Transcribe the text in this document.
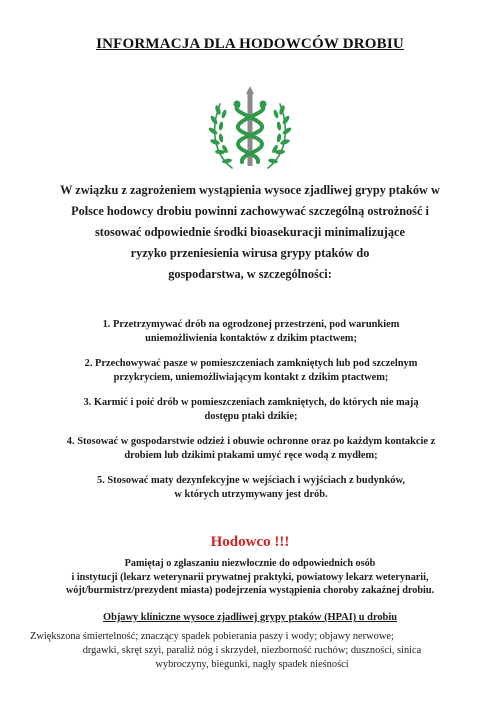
INFORMACJA DLA HODOWCÓW DROBIU
W związku z zagrożeniem wystąpienia wysoce zjadliwej grypy ptaków w
Polsce hodowcy drobiu powinni zachowywać szczególną ostrożność i
stosować odpowiednie środki bioasekuracji minimalizujące
ryzyko przeniesienia wirusa grypy ptaków do
gospodarstwa, w szczególności:
1. Przetrzymywać drób na ogrodzonej przestrzeni, pod warunkiem
uniemożliwienia kontaktów z dzikim ptactwem;
2. Przechowywać pasze w pomieszczeniach zamkniętych lub pod szczelnym
przykryciem, uniemożliwiającym kontakt z dzikim ptactwem;
3. Karmić i poić drób w pomieszczeniach zamkniętych, do których nie mają
dostępu ptaki dzikie;
4. Stosować w gospodarstwie odzież i obuwie ochronne oraz po każdym kontakcie z
drobiem lub dzikimi ptakami umyć ręce wodą z mydłem;
5. Stosować maty dezynfekcyjne w wejściach i wyjściach z budynków,
w których utrzymywany jest drób.
Hodowco !!!
Pamiętaj o zgłaszaniu niezwłocznie do odpowiednich osób
i instytucji (lekarz weterynarii prywatnej praktyki, powiatowy lekarz weterynarii,
wójt/burmistrz/prezydent miasta) podejrzenia wystąpienia choroby zakaźnej drobiu.
Objawy kliniczne wysoce zjadliwej grypy ptaków (HPAI) u drobiu
Zwiększona śmiertelność; znaczący spadek pobierania paszy i wody; objawy nerwowe;
drgawki, skręt szyi, paraliż nóg i skrzydeł, niezborność ruchów; duszności, sinica
wybroczyny, biegunki, nagły spadek nieśności
